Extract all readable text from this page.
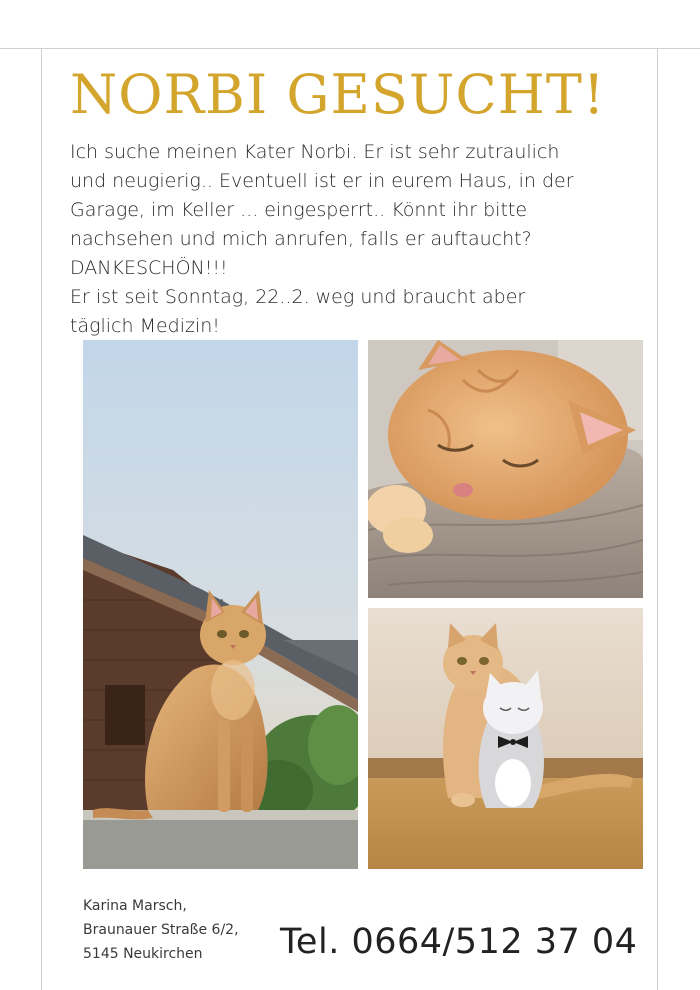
NORBI GESUCHT!
Ich suche meinen Kater Norbi. Er ist sehr zutraulich
und neugierig.. Eventuell ist er in eurem Haus, in der
Garage, im Keller ... eingesperrt.. Könnt ihr bitte
nachsehen und mich anrufen, falls er auftaucht?
DANKESCHÖN!!!
Er ist seit Sonntag, 22..2. weg und braucht aber
täglich Medizin!
Karina Marsch,
Braunauer Straße 6/2,
5145 Neukirchen	Tel. 0664/512 37 04
